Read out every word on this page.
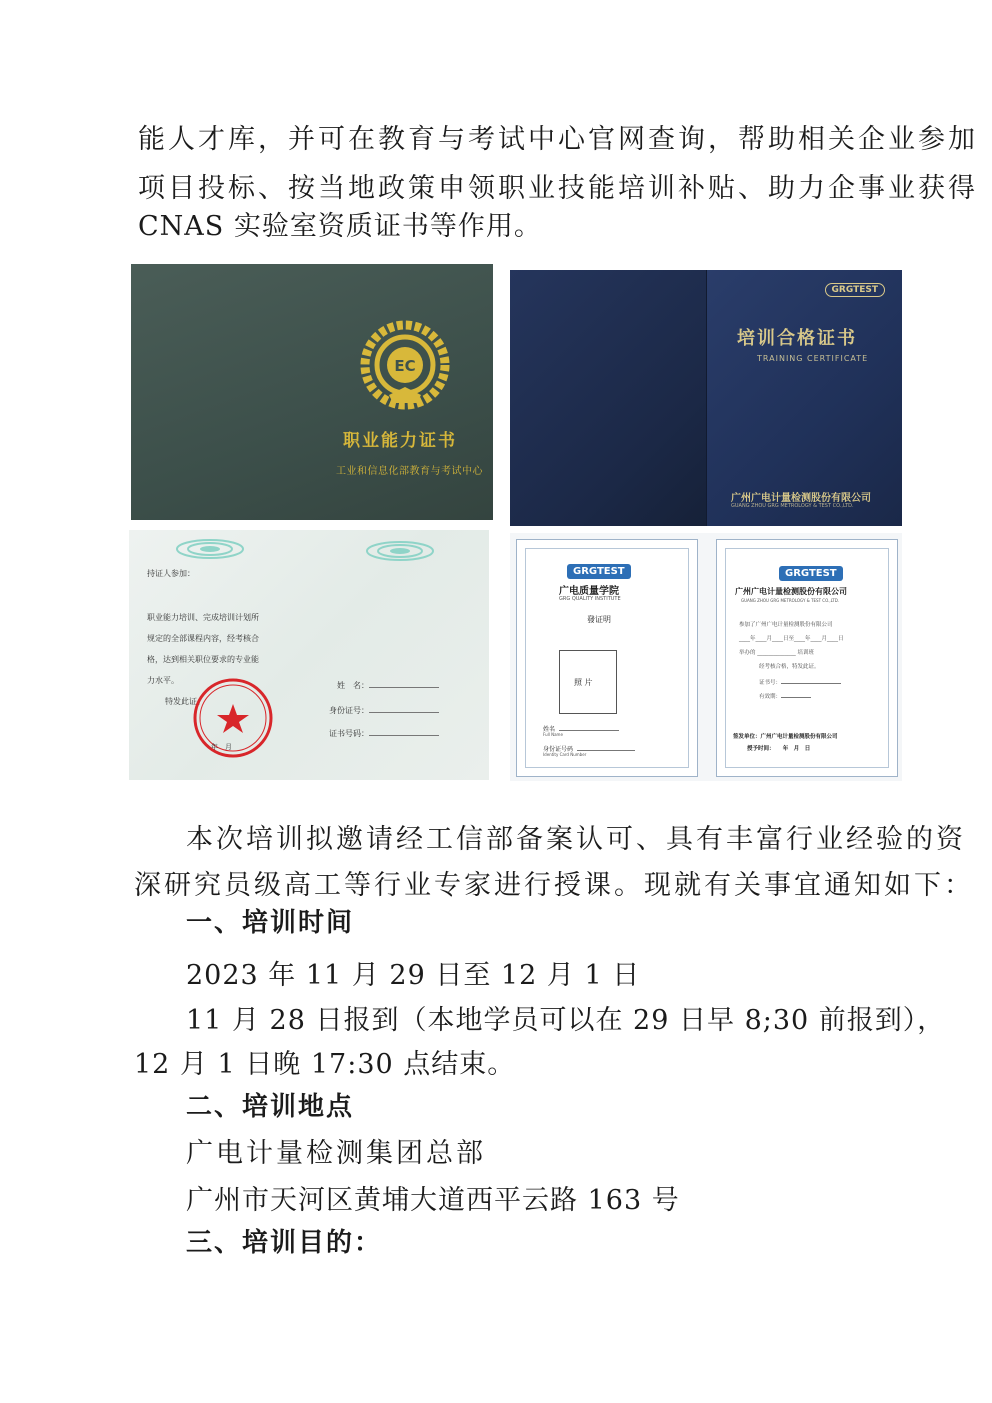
能人才库，并可在教育与考试中心官网查询，帮助相关企业参加
项目投标、按当地政策申领职业技能培训补贴、助力企事业获得
CNAS 实验室资质证书等作用。
EC
职业能力证书
工业和信息化部教育与考试中心
GRGTEST
培训合格证书
TRAINING CERTIFICATE
广州广电计量检测股份有限公司
GUANG ZHOU GRG METROLOGY & TEST CO.,LTD.
持证人参加：
职业能力培训、完成培训计划所
规定的全部课程内容，经考核合
格，达到相关职位要求的专业能
力水平。
特发此证。
年　月
姓　名：
身份证号：
证书号码：
GRGTEST
广电质量学院
GRG QUALITY INSTITUTE
發证明
照 片
姓名
Full Name
身份证号码
Identity Card Number
GRGTEST
广州广电计量检测股份有限公司
GUANG ZHOU GRG METROLOGY & TEST CO.,LTD.
参加了广州广电计量检测股份有限公司
____年____月____日至____年____月____日
举办的 ______________ 培训班
经考核合格，特发此证。
证书号：
有效期：
签发单位：广州广电计量检测股份有限公司
授予时间：　　年　月　日
本次培训拟邀请经工信部备案认可、具有丰富行业经验的资
深研究员级高工等行业专家进行授课。现就有关事宜通知如下：
一、培训时间
2023 年 11 月 29 日至 12 月 1 日
11 月 28 日报到（本地学员可以在 29 日早 8;30 前报到），
12 月 1 日晚 17:30 点结束。
二、培训地点
广电计量检测集团总部
广州市天河区黄埔大道西平云路 163 号
三、培训目的：
